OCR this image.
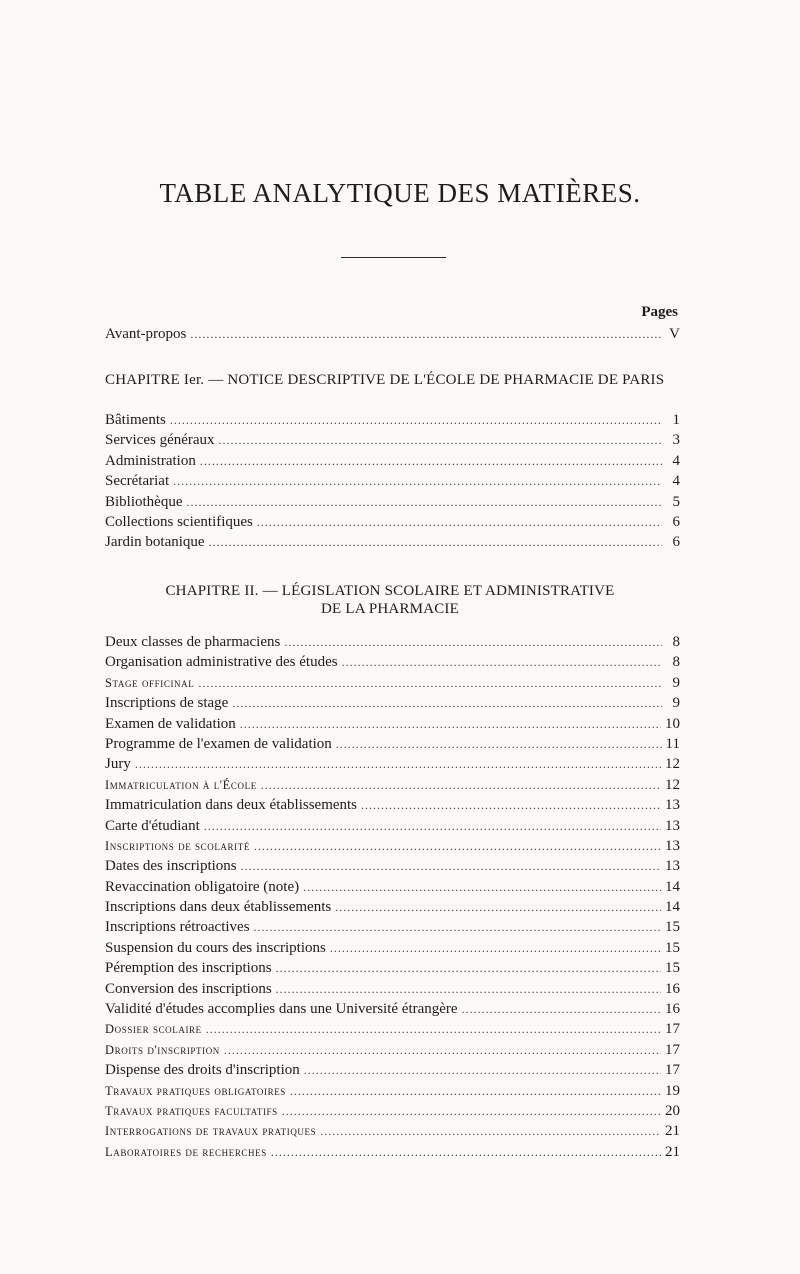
TABLE ANALYTIQUE DES MATIÈRES.
Pages
Avant-propos .....	V
CHAPITRE Ier. — NOTICE DESCRIPTIVE DE L'ÉCOLE DE PHARMACIE DE PARIS
Bâtiments .....	1
Services généraux .....	3
Administration .....	4
Secrétariat .....	4
Bibliothèque .....	5
Collections scientifiques .....	6
Jardin botanique .....	6
CHAPITRE II. — LÉGISLATION SCOLAIRE ET ADMINISTRATIVE
DE LA PHARMACIE
Deux classes de pharmaciens .....	8
Organisation administrative des études .....	8
Stage officinal .....	9
Inscriptions de stage .....	9
Examen de validation .....	10
Programme de l'examen de validation .....	11
Jury .....	12
Immatriculation à l'École .....	12
Immatriculation dans deux établissements .....	13
Carte d'étudiant .....	13
Inscriptions de scolarité .....	13
Dates des inscriptions .....	13
Revaccination obligatoire (note) .....	14
Inscriptions dans deux établissements .....	14
Inscriptions rétroactives .....	15
Suspension du cours des inscriptions .....	15
Péremption des inscriptions .....	15
Conversion des inscriptions .....	16
Validité d'études accomplies dans une Université étrangère .....	16
Dossier scolaire .....	17
Droits d'inscription .....	17
Dispense des droits d'inscription .....	17
Travaux pratiques obligatoires .....	19
Travaux pratiques facultatifs .....	20
Interrogations de travaux pratiques .....	21
Laboratoires de recherches .....	21
